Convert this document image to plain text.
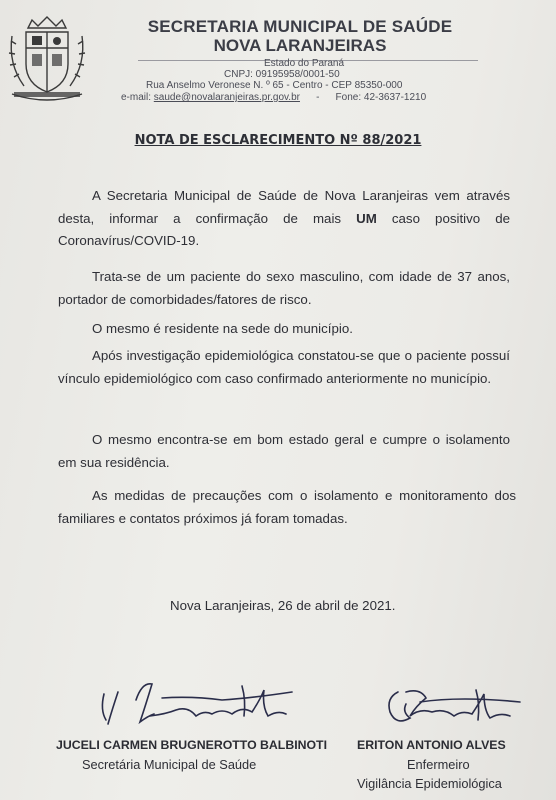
SECRETARIA MUNICIPAL DE SAÚDE
NOVA LARANJEIRAS
Estado do Paraná
CNPJ: 09195958/0001-50
Rua Anselmo Veronese N. º 65 - Centro - CEP 85350-000
e-mail: saude@novalaranjeiras.pr.gov.br - Fone: 42-3637-1210
NOTA DE ESCLARECIMENTO Nº 88/2021
A Secretaria Municipal de Saúde de Nova Laranjeiras vem através desta, informar a confirmação de mais UM caso positivo de Coronavírus/COVID-19.
Trata-se de um paciente do sexo masculino, com idade de 37 anos, portador de comorbidades/fatores de risco.
O mesmo é residente na sede do município.
Após investigação epidemiológica constatou-se que o paciente possuí vínculo epidemiológico com caso confirmado anteriormente no município.
O mesmo encontra-se em bom estado geral e cumpre o isolamento em sua residência.
As medidas de precauções com o isolamento e monitoramento dos familiares e contatos próximos já foram tomadas.
Nova Laranjeiras, 26 de abril de 2021.
JUCELI CARMEN BRUGNEROTTO BALBINOTI
Secretária Municipal de Saúde
ERITON ANTONIO ALVES
Enfermeiro
Vigilância Epidemiológica
